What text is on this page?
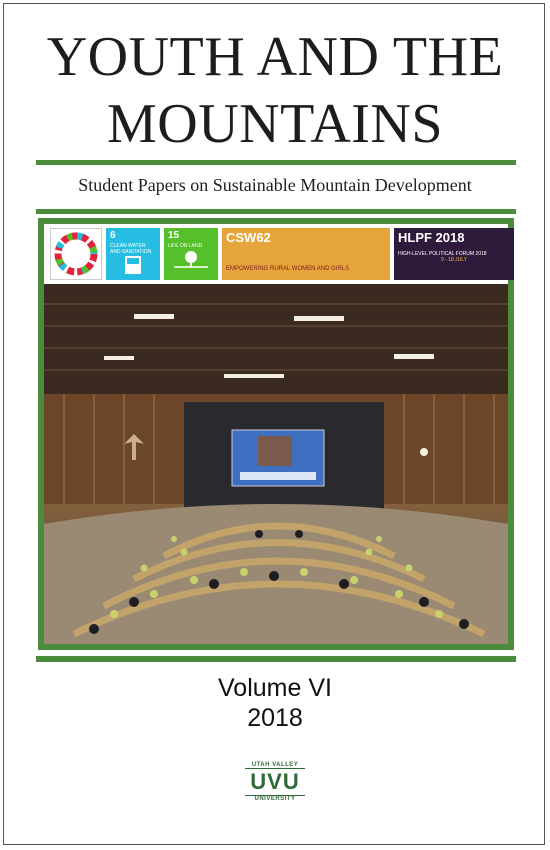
YOUTH AND THE
MOUNTAINS
Student Papers on Sustainable Mountain Development
6
CLEAN WATER AND SANITATION
15
LIFE ON LAND
CSW62
EMPOWERING RURAL WOMEN AND GIRLS
HLPF 2018
HIGH-LEVEL POLITICAL FORUM 2018
9 - 18 JULY
Volume VI
2018
UTAH VALLEY
UVU
UNIVERSITY
